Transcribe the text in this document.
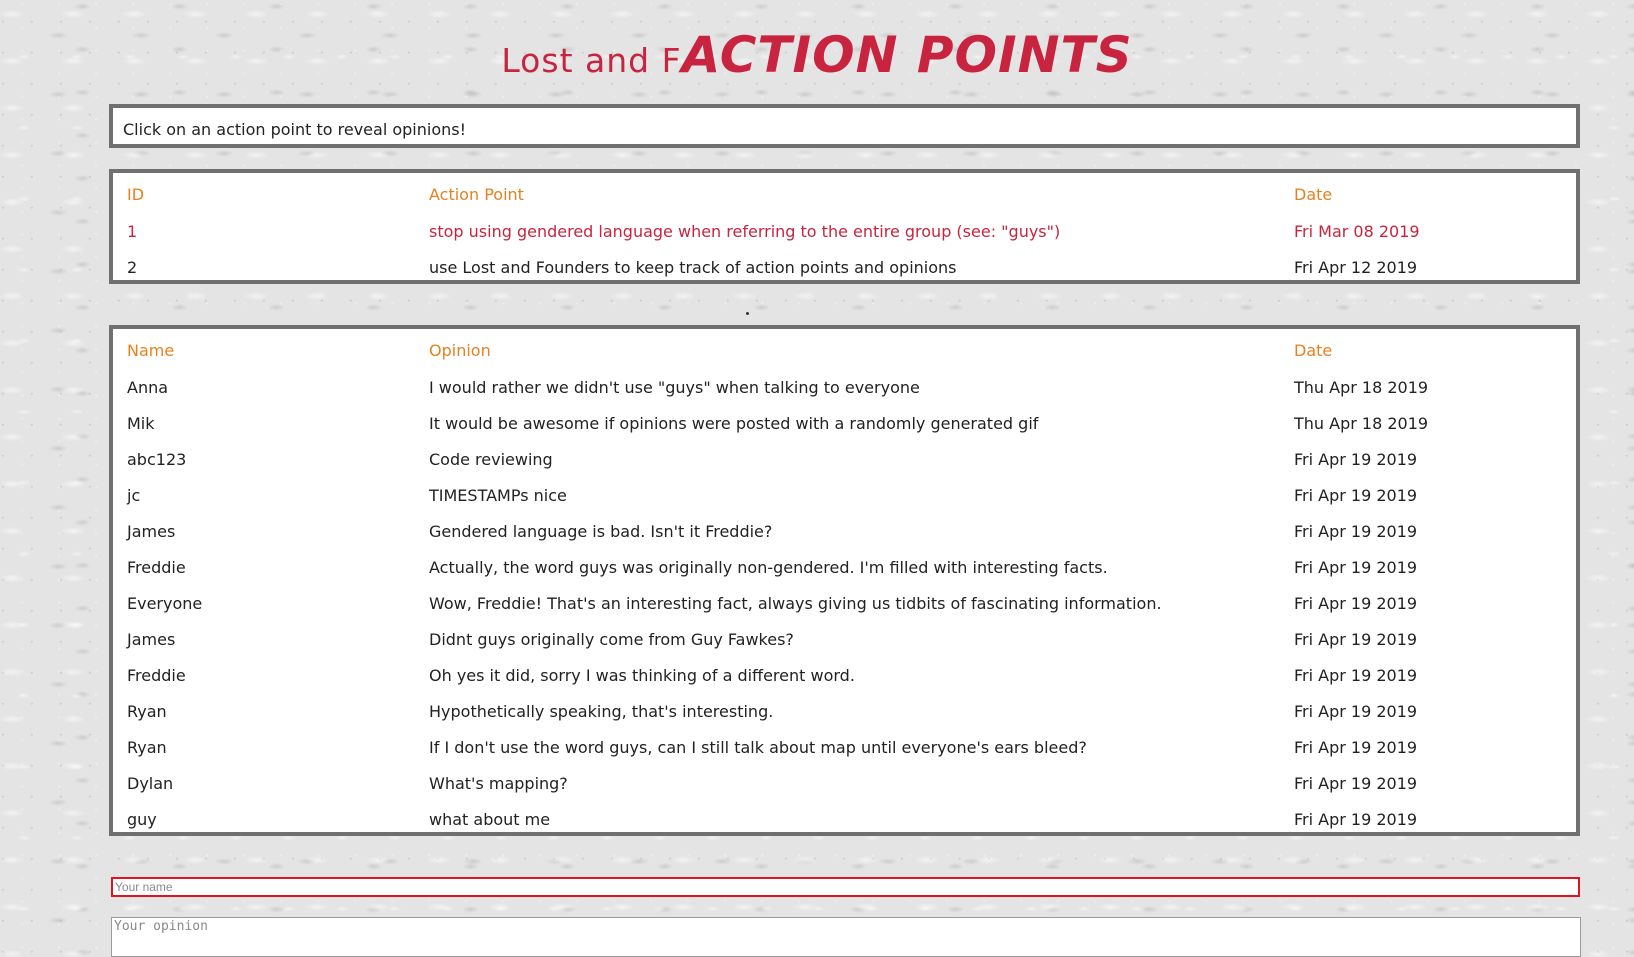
Lost and FACTION POINTS
Click on an action point to reveal opinions!
ID	Action Point	Date
1	stop using gendered language when referring to the entire group (see: "guys")	Fri Mar 08 2019
2	use Lost and Founders to keep track of action points and opinions	Fri Apr 12 2019
Name	Opinion	Date
Anna	I would rather we didn't use "guys" when talking to everyone	Thu Apr 18 2019
Mik	It would be awesome if opinions were posted with a randomly generated gif	Thu Apr 18 2019
abc123	Code reviewing	Fri Apr 19 2019
jc	TIMESTAMPs nice	Fri Apr 19 2019
James	Gendered language is bad. Isn't it Freddie?	Fri Apr 19 2019
Freddie	Actually, the word guys was originally non-gendered. I'm filled with interesting facts.	Fri Apr 19 2019
Everyone	Wow, Freddie! That's an interesting fact, always giving us tidbits of fascinating information.	Fri Apr 19 2019
James	Didnt guys originally come from Guy Fawkes?	Fri Apr 19 2019
Freddie	Oh yes it did, sorry I was thinking of a different word.	Fri Apr 19 2019
Ryan	Hypothetically speaking, that's interesting.	Fri Apr 19 2019
Ryan	If I don't use the word guys, can I still talk about map until everyone's ears bleed?	Fri Apr 19 2019
Dylan	What's mapping?	Fri Apr 19 2019
guy	what about me	Fri Apr 19 2019
Your name
Your opinion
